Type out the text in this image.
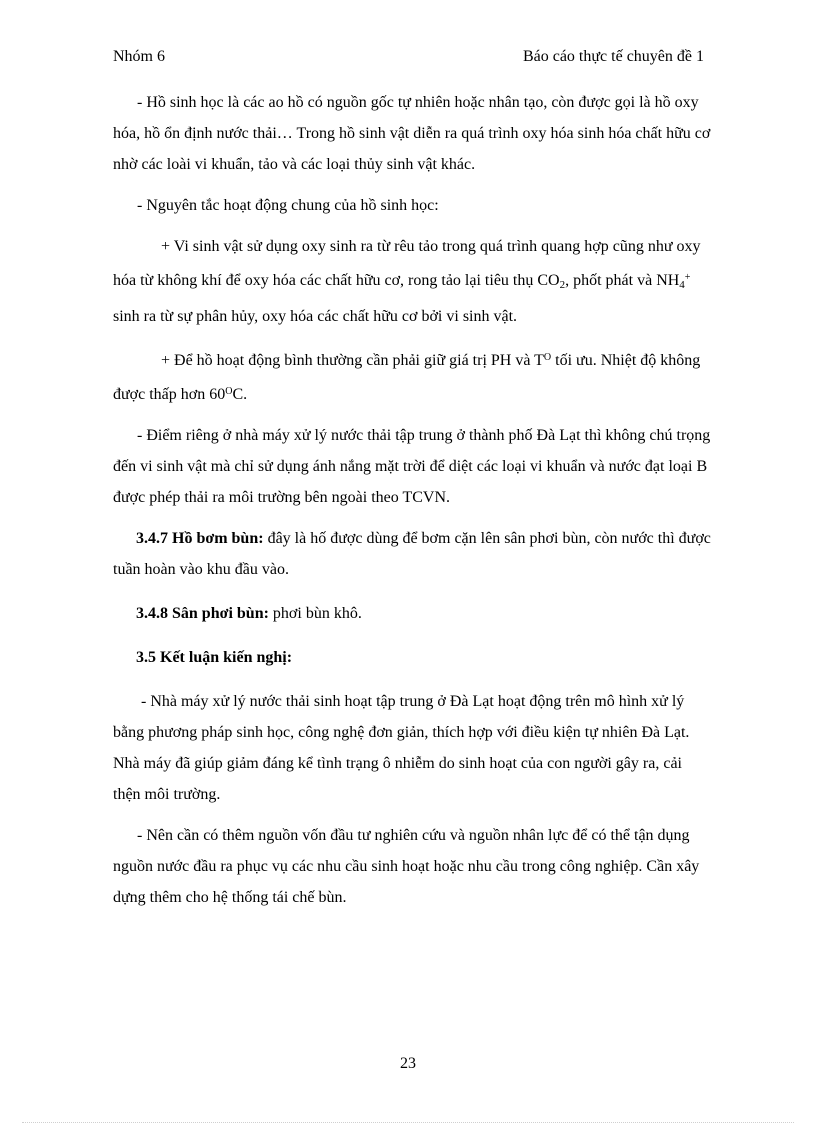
Nhóm 6	Báo cáo thực tế chuyên đề 1

- Hồ sinh học là các ao hồ có nguồn gốc tự nhiên hoặc nhân tạo, còn được gọi là hồ oxy hóa, hồ ổn định nước thải… Trong hồ sinh vật diễn ra quá trình oxy hóa sinh hóa chất hữu cơ nhờ các loài vi khuẩn, tảo và các loại thủy sinh vật khác.

- Nguyên tắc hoạt động chung của hồ sinh học:

+ Vi sinh vật sử dụng oxy sinh ra từ rêu tảo trong quá trình quang hợp cũng như oxy hóa từ không khí để oxy hóa các chất hữu cơ, rong tảo lại tiêu thụ $CO_2$, phốt phát và $NH_4^+$ sinh ra từ sự phân hủy, oxy hóa các chất hữu cơ bởi vi sinh vật.

+ Để hồ hoạt động bình thường cần phải giữ giá trị PH và $T^O$ tối ưu. Nhiệt độ không được thấp hơn $60^OC$.

- Điểm riêng ở nhà máy xử lý nước thải tập trung ở thành phố Đà Lạt thì không chú trọng đến vi sinh vật mà chỉ sử dụng ánh nắng mặt trời để diệt các loại vi khuẩn và nước đạt loại B được phép thải ra môi trường bên ngoài theo TCVN.

3.4.7 Hồ bơm bùn: đây là hố được dùng để bơm cặn lên sân phơi bùn, còn nước thì được tuần hoàn vào khu đầu vào.

3.4.8 Sân phơi bùn: phơi bùn khô.

3.5 Kết luận kiến nghị:

- Nhà máy xử lý nước thải sinh hoạt tập trung ở Đà Lạt hoạt động trên mô hình xử lý bằng phương pháp sinh học, công nghệ đơn giản, thích hợp với điều kiện tự nhiên Đà Lạt. Nhà máy đã giúp giảm đáng kể tình trạng ô nhiễm do sinh hoạt của con người gây ra, cải thện môi trường.

- Nên cần có thêm nguồn vốn đầu tư nghiên cứu và nguồn nhân lực để có thể tận dụng nguồn nước đầu ra phục vụ các nhu cầu sinh hoạt hoặc nhu cầu trong công nghiệp. Cần xây dựng thêm cho hệ thống tái chế bùn.

23
